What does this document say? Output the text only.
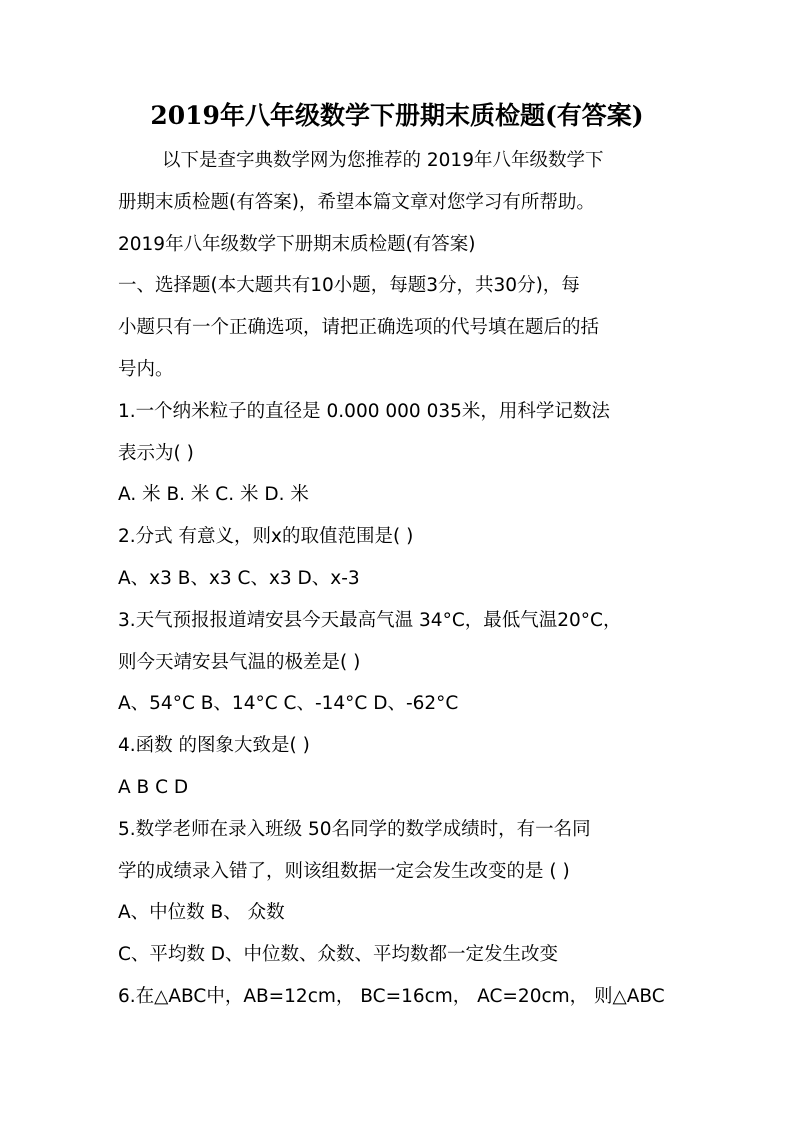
2019年八年级数学下册期末质检题(有答案)
以下是查字典数学网为您推荐的 2019年八年级数学下
册期末质检题(有答案)，希望本篇文章对您学习有所帮助。
2019年八年级数学下册期末质检题(有答案)
一、选择题(本大题共有10小题，每题3分，共30分)，每
小题只有一个正确选项，请把正确选项的代号填在题后的括
号内。
1.一个纳米粒子的直径是 0.000 000 035米，用科学记数法
表示为( )
A. 米 B. 米 C. 米 D. 米
2.分式 有意义，则x的取值范围是( )
A、x3 B、x3 C、x3 D、x-3
3.天气预报报道靖安县今天最高气温 34°C，最低气温20°C，
则今天靖安县气温的极差是( )
A、54°C B、14°C C、-14°C D、-62°C
4.函数 的图象大致是( )
A B C D
5.数学老师在录入班级 50名同学的数学成绩时，有一名同
学的成绩录入错了，则该组数据一定会发生改变的是 ( )
A、中位数 B、 众数
C、平均数 D、中位数、众数、平均数都一定发生改变
6.在△ABC中，AB=12cm， BC=16cm， AC=20cm， 则△ABC
